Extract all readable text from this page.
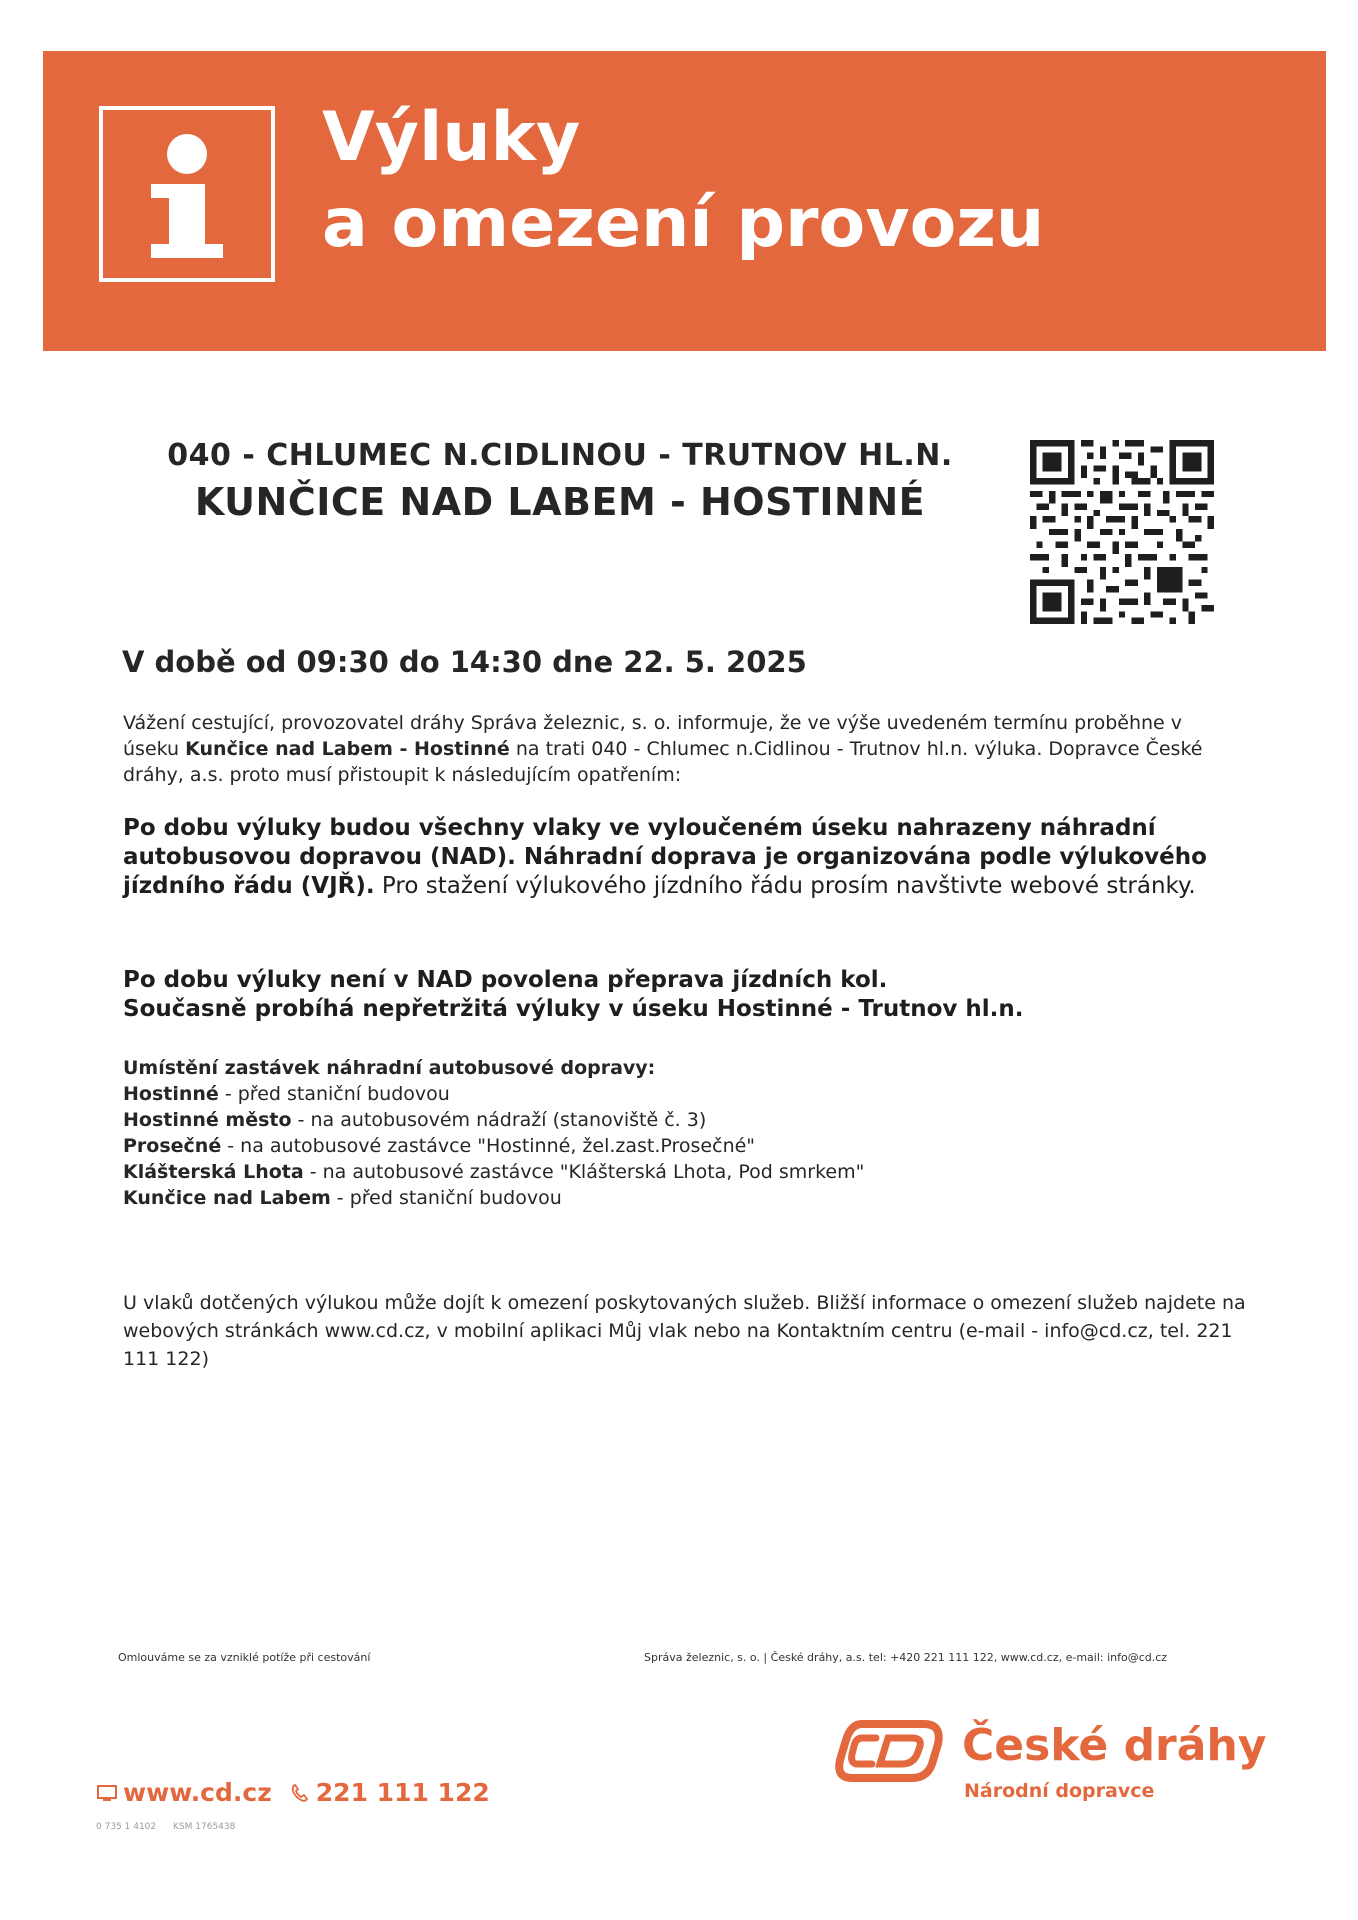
Výluky
a omezení provozu
040 - CHLUMEC N.CIDLINOU - TRUTNOV HL.N.
KUNČICE NAD LABEM - HOSTINNÉ
V době od 09:30 do 14:30 dne 22. 5. 2025

Vážení cestující, provozovatel dráhy Správa železnic, s. o. informuje, že ve výše uvedeném termínu proběhne v úseku Kunčice nad Labem - Hostinné na trati 040 - Chlumec n.Cidlinou - Trutnov hl.n. výluka. Dopravce České dráhy, a.s. proto musí přistoupit k následujícím opatřením:

Po dobu výluky budou všechny vlaky ve vyloučeném úseku nahrazeny náhradní autobusovou dopravou (NAD). Náhradní doprava je organizována podle výlukového jízdního řádu (VJŘ). Pro stažení výlukového jízdního řádu prosím navštivte webové stránky.

Po dobu výluky není v NAD povolena přeprava jízdních kol.
Současně probíhá nepřetržitá výluky v úseku Hostinné - Trutnov hl.n.

Umístění zastávek náhradní autobusové dopravy:
Hostinné - před staniční budovou
Hostinné město - na autobusovém nádraží (stanoviště č. 3)
Prosečné - na autobusové zastávce "Hostinné, žel.zast.Prosečné"
Klášterská Lhota - na autobusové zastávce "Klášterská Lhota, Pod smrkem"
Kunčice nad Labem - před staniční budovou

U vlaků dotčených výlukou může dojít k omezení poskytovaných služeb. Bližší informace o omezení služeb najdete na webových stránkách www.cd.cz, v mobilní aplikaci Můj vlak nebo na Kontaktním centru (e-mail - info@cd.cz, tel. 221 111 122)

Omlouváme se za vzniklé potíže při cestování	Správa železnic, s. o. | České dráhy, a.s. tel: +420 221 111 122, www.cd.cz, e-mail: info@cd.cz
České dráhy
Národní dopravce
www.cd.cz 221 111 122
0 735 1 4102 KSM 1765438
